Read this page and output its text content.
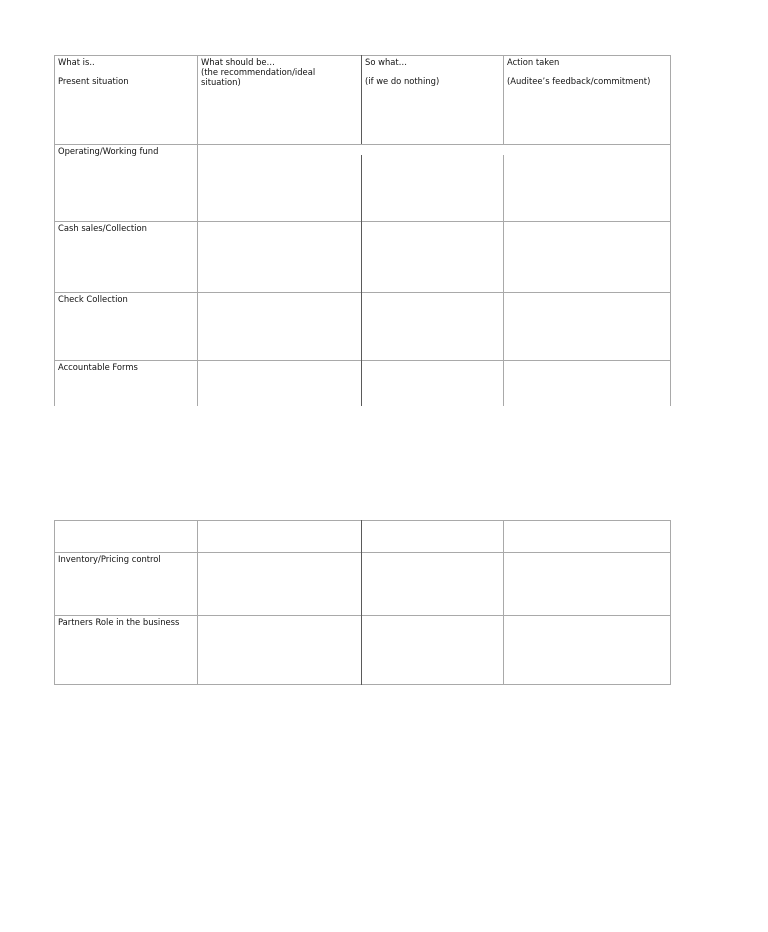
What is..
Present situation
What should be…
(the recommendation/ideal situation)
So what…
(if we do nothing)
Action taken
(Auditee’s feedback/commitment)
Operating/Working fund
Cash sales/Collection
Check Collection
Accountable Forms
Inventory/Pricing control
Partners Role in the business
